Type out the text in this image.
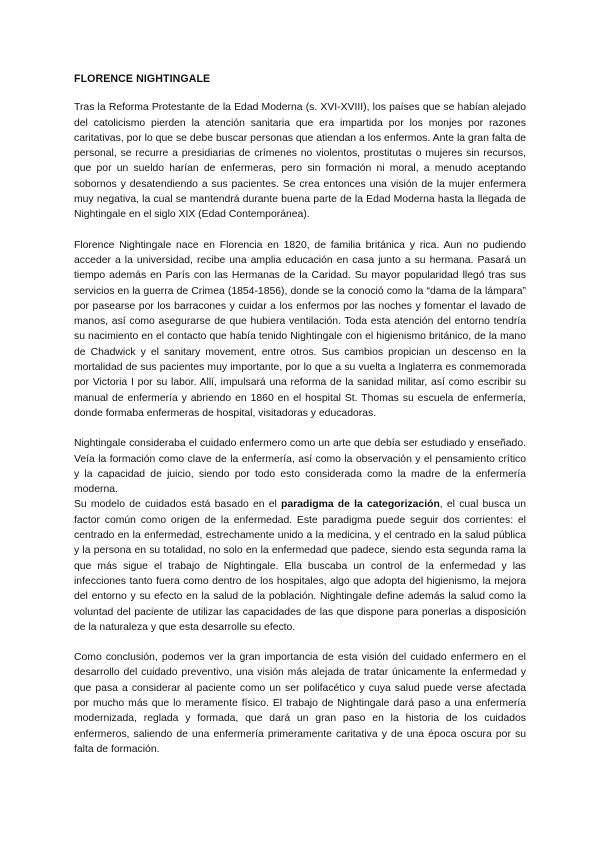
FLORENCE NIGHTINGALE

Tras la Reforma Protestante de la Edad Moderna (s. XVI-XVIII), los países que se habían alejado del catolicismo pierden la atención sanitaria que era impartida por los monjes por razones caritativas, por lo que se debe buscar personas que atiendan a los enfermos. Ante la gran falta de personal, se recurre a presidiarias de crímenes no violentos, prostitutas o mujeres sin recursos, que por un sueldo harían de enfermeras, pero sin formación ni moral, a menudo aceptando sobornos y desatendiendo a sus pacientes. Se crea entonces una visión de la mujer enfermera muy negativa, la cual se mantendrá durante buena parte de la Edad Moderna hasta la llegada de Nightingale en el siglo XIX (Edad Contemporánea).

Florence Nightingale nace en Florencia en 1820, de familia británica y rica. Aun no pudiendo acceder a la universidad, recibe una amplia educación en casa junto a su hermana. Pasará un tiempo además en París con las Hermanas de la Caridad. Su mayor popularidad llegó tras sus servicios en la guerra de Crimea (1854-1856), donde se la conoció como la “dama de la lámpara” por pasearse por los barracones y cuidar a los enfermos por las noches y fomentar el lavado de manos, así como asegurarse de que hubiera ventilación. Toda esta atención del entorno tendría su nacimiento en el contacto que había tenido Nightingale con el higienismo británico, de la mano de Chadwick y el sanitary movement, entre otros. Sus cambios propician un descenso en la mortalidad de sus pacientes muy importante, por lo que a su vuelta a Inglaterra es conmemorada por Victoria I por su labor. Allí, impulsará una reforma de la sanidad militar, así como escribir su manual de enfermería y abriendo en 1860 en el hospital St. Thomas su escuela de enfermería, donde formaba enfermeras de hospital, visitadoras y educadoras.

Nightingale consideraba el cuidado enfermero como un arte que debía ser estudiado y enseñado. Veía la formación como clave de la enfermería, así como la observación y el pensamiento crítico y la capacidad de juicio, siendo por todo esto considerada como la madre de la enfermería moderna.

Su modelo de cuidados está basado en el paradigma de la categorización, el cual busca un factor común como origen de la enfermedad. Este paradigma puede seguir dos corrientes: el centrado en la enfermedad, estrechamente unido a la medicina, y el centrado en la salud pública y la persona en su totalidad, no solo en la enfermedad que padece, siendo esta segunda rama la que más sigue el trabajo de Nightingale. Ella buscaba un control de la enfermedad y las infecciones tanto fuera como dentro de los hospitales, algo que adopta del higienismo, la mejora del entorno y su efecto en la salud de la población. Nightingale define además la salud como la voluntad del paciente de utilizar las capacidades de las que dispone para ponerlas a disposición de la naturaleza y que esta desarrolle su efecto.

Como conclusión, podemos ver la gran importancia de esta visión del cuidado enfermero en el desarrollo del cuidado preventivo, una visión más alejada de tratar únicamente la enfermedad y que pasa a considerar al paciente como un ser polifacético y cuya salud puede verse afectada por mucho más que lo meramente físico. El trabajo de Nightingale dará paso a una enfermería modernizada, reglada y formada, que dará un gran paso en la historia de los cuidados enfermeros, saliendo de una enfermería primeramente caritativa y de una época oscura por su falta de formación.
